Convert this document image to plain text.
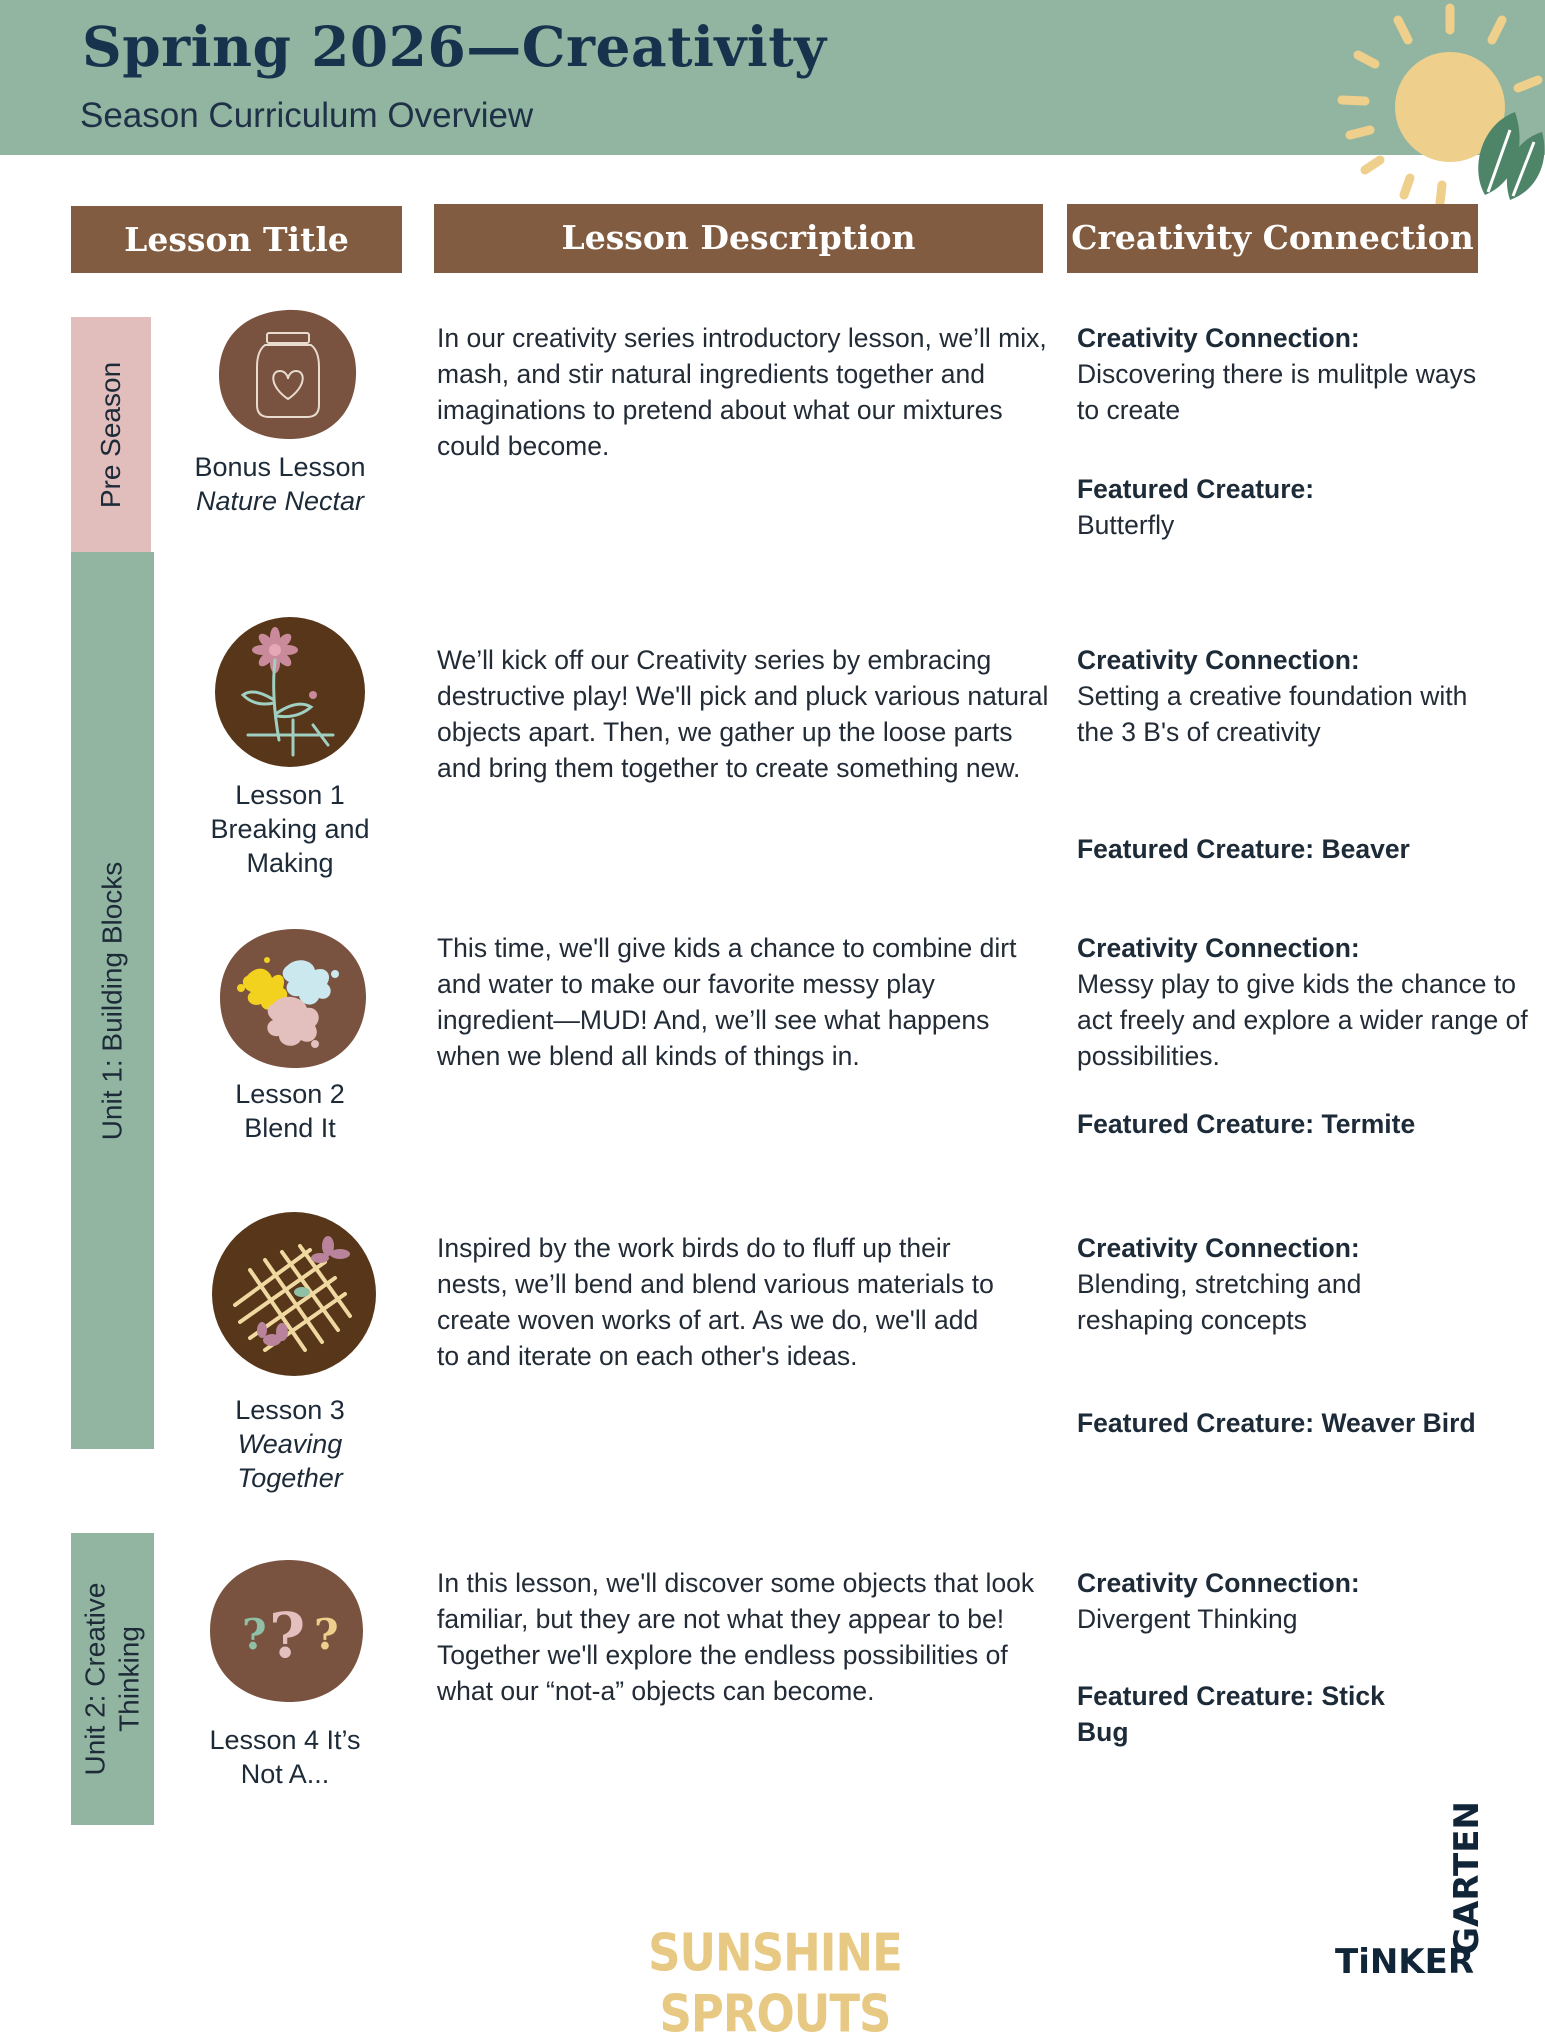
Spring 2026—Creativity
Season Curriculum Overview
Lesson Title	Lesson Description	Creativity Connection
Pre Season
Unit 1: Building Blocks
Unit 2: Creative Thinking
Bonus Lesson
Nature Nectar

In our creativity series introductory lesson, we’ll mix, mash, and stir natural ingredients together and imaginations to pretend about what our mixtures could become.

Creativity Connection:
Discovering there is mulitple ways to create
Featured Creature:
Butterfly
Lesson 1
Breaking and
Making

We’ll kick off our Creativity series by embracing destructive play! We'll pick and pluck various natural objects apart. Then, we gather up the loose parts and bring them together to create something new.

Creativity Connection:
Setting a creative foundation with the 3 B's of creativity
Featured Creature: Beaver
Lesson 2
Blend It

This time, we'll give kids a chance to combine dirt and water to make our favorite messy play ingredient—MUD! And, we’ll see what happens when we blend all kinds of things in.

Creativity Connection:
Messy play to give kids the chance to act freely and explore a wider range of possibilities.
Featured Creature: Termite
Lesson 3
Weaving
Together

Inspired by the work birds do to fluff up their nests, we’ll bend and blend various materials to create woven works of art. As we do, we'll add to and iterate on each other's ideas.

Creativity Connection:
Blending, stretching and reshaping concepts
Featured Creature: Weaver Bird
? ? ?
Lesson 4 It’s
Not A...

In this lesson, we'll discover some objects that look familiar, but they are not what they appear to be! Together we'll explore the endless possibilities of what our “not-a” objects can become.

Creativity Connection:
Divergent Thinking
Featured Creature: Stick Bug
SUNSHINE SPROUTS
TiNKER
GARTEN
